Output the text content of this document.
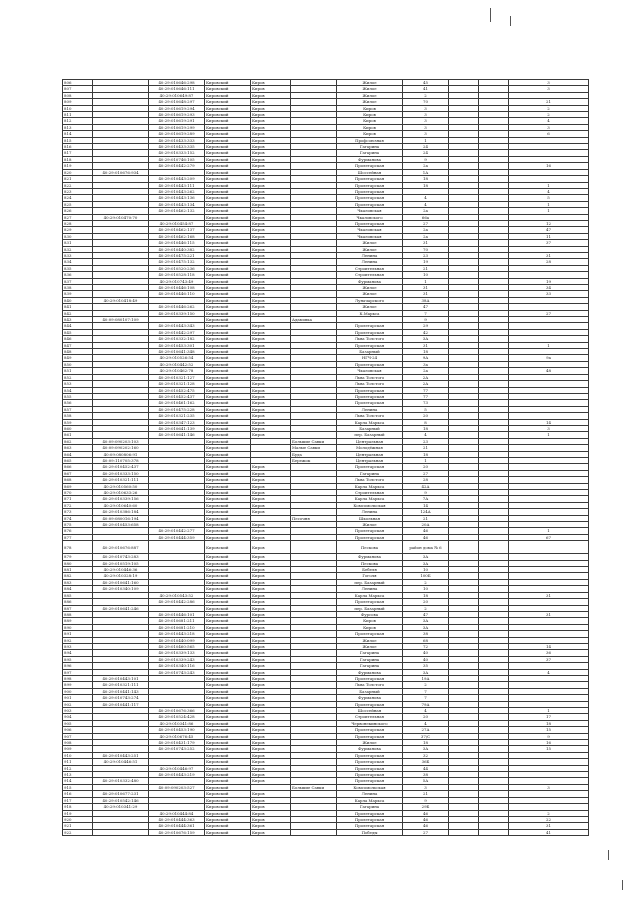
806		40:29:010646:298	Кировский	Киров		Жилое	45			3
807		40:29:010646:111	Кировский	Киров		Жилое	41			3
808		40:29:010649:87	Кировский	Киров		Жилое	2			
809		40:29:010648:297	Кировский	Киров		Жилое	70			21
810		40:29:010619:294	Кировский	Киров		Киров	3			2
811		40:29:010619:293	Кировский	Киров		Киров	3			2
812		40:29:010619:291	Кировский	Киров		Киров	3			4
813		40:29:010619:299	Кировский	Киров		Киров	3			3
814		40:29:010619:289	Кировский	Киров		Киров	3			6
815		40:29:010433:333	Кировский	Киров		Профсоюзная	1			
816		40:29:010433:335	Кировский	Киров		Гагарина	24			
817		40:29:010333:152	Кировский	Киров		Гагарина	24			
818		40:29:010746:105	Кировский	Киров		Фурманова	9			
819		40:29:010442:279	Кировский	Киров		Пролетарская	2а			16
820	40:29:010676:934		Кировский	Киров		Шоссейная	1А			
821		40:29:010443:209	Кировский	Киров		Пролетарская	18			
822		40:29:010443:111	Кировский	Киров		Пролетарская	18			1
823		40:29:010443:262	Кировский	Киров		Пролетарская				4
824		40:29:010443:136	Кировский	Киров		Пролетарская	4			5
825		40:29:010443:134	Кировский	Киров		Пролетарская	4			1
826		40:29:010462:132	Кировский	Киров		Чкаловская	2а			1
827	40:29:010470:70		Кировский	Киров		Чкаловского	66а			
828		40:29:010454:87	Кировский	Киров		Пролетарская	27			12
829		40:29:010462:137	Кировский	Киров		Чкаловская	2а			47
830		40:29:010462:168	Кировский	Киров		Чкаловская	2а			11
831		40:29:010446:115	Кировский	Киров		Жилое	31			37
832		40:29:010440:382	Кировский	Киров		Жилое	70			
833		40:29:010475:221	Кировский	Киров		Ленина	23			31
834		40:29:010475:132	Кировский	Киров		Ленина	19			28
835		40:29:010520:236	Кировский	Киров		Строительная	21			
836		40:29:010528:118	Кировский	Киров		Строительная	10			
837		40:29:010743:49	Кировский	Киров		Фурманова	1			19
838		40:29:010446:108	Кировский	Киров		Жилое	31			34
839		40:29:010446:110	Кировский	Киров		Жилое	31			33
840	40:29:010418:49		Кировский	Киров		Луначарского	38А			
841		40:29:010446:262	Кировский	Киров		Жилое	47			
842		40:29:010339:150	Кировский	Киров		К.Маркса	7			27
843	40:09:080107:109		Кировский		Адамовка		9			
844		40:29:010443:343	Кировский	Киров		Пролетарская	29			
845		40:29:010442:297	Кировский	Киров		Пролетарская	42			
846		40:29:010332:182	Кировский	Киров		Льва Толстого	3А			
847		40:29:010453:301	Кировский	Киров		Пролетарская	31			1
848		40:29:010641:348	Кировский	Киров		Базарный	18			
849		40:29:010526:54	Кировский	Киров		НГЧ-24	9А			9а
850		40:29:010442:52	Кировский	Киров		Пролетарская	3а			
851		40:29:010462:78	Кировский	Киров		Чкаловская	2а			48
852		40:29:010321:127	Кировский	Киров		Льва Толстого	2А			
853		40:29:010321:128	Кировский	Киров		Льва Толстого	2А			
854		40:29:010452:475	Кировский	Киров		Пролетарская	77			
855		40:29:010452:437	Кировский	Киров		Пролетарская	77			
856		40:29:010461:162	Кировский	Киров		Пролетарская	73			
857		40:29:010475:228	Кировский	Киров		Ленина	5			
858		40:29:010321:235	Кировский	Киров		Льва Толстого	20			
859		40:29:010347:123	Кировский	Киров		Карла Маркса	8			14
860		40:29:010641:139	Кировский	Киров		Базарный	18			3
861		40:29:010641:146	Кировский	Киров		пер. Базарный	4			1
862	40:09:090203:103		Кировский		Большие Савки	Центральная	23			
863	40:09:090202:160		Кировский		Малые Савки	Молодёжная	21			
864	40:09:080806:91		Кировский		Буда	Центральная	18			
865	40:09:110705:378		Кировский		Бережок	Центральная	1			
866	40:29:010452:437		Кировский	Киров		Пролетарская	20			
867	40:29:010333:150		Кировский	Киров		Гагарина	27			
868	40:29:010321:111		Кировский	Киров		Льва Толстого	28			
869	40:29:010560:50		Кировский	Киров		Карла Маркса	42А			
870	40:29:010633:26		Кировский	Киров		Строительная	9			
871	40:29:010339:156		Кировский	Киров		Карла Маркса	7А			
872	40:29:010640:60		Кировский	Киров		Комсомольская	14			
873	40:29:010386:184		Кировский	Киров		Ленина	124А			
874	40:09:080016:194		Кировский		Песочня	Школьная	21			
875	40:29:010453:658		Кировский	Киров		Жилое	20А			
876		40:29:010442:277	Кировский	Киров		Пролетарская	46			1
877		40:29:010444:359	Кировский	Киров		Пролетарская	46			67
878	40:29:010676:887		Кировский	Киров		Пескова	район дома № 6			
879	40:29:010743:283		Кировский	Киров		Фурманова	3А			
880	40:29:010519:105		Кировский	Киров		Пескова	3А			
881	40:29:010446:36		Кировский	Киров		Бебеля	10			
882	40:29:010328:19		Кировский	Киров		Гоголя	100Б			
883	40:29:010641:160		Кировский	Киров		пер. Базарный	2			
884	40:29:010340:109		Кировский	Киров		Ленина	10			
885		40:29:010543:52	Кировский	Киров		Карла Маркса	18			31
886		40:29:010442:286	Кировский	Киров		Пролетарская	20			
887	40:29:010641:246		Кировский	Киров		пер. Базарный	2			
888		40:29:010446:101	Кировский	Киров		Фурсова	47			31
889		40:29:010681:211	Кировский	Киров		Киров	3А			
890		40:29:010681:210	Кировский	Киров		Киров	3А			
891		40:29:010443:218	Кировский	Киров		Пролетарская	38			
892		40:29:010440:099	Кировский	Киров		Жилое	68			
893		40:29:010460:565	Кировский	Киров		Жилое	72			14
894		40:29:010339:133	Кировский	Киров		Гагарина	40			36
895		40:29:010339:243	Кировский	Киров		Гагарина	40			37
896		40:29:010340:116	Кировский	Киров		Гагарина	35			
897		40:29:010743:243	Кировский	Киров		Фурманова	3А			4
898	40:29:010443:101		Кировский	Киров		Пролетарская	19А			
899	40:29:010321:111		Кировский	Киров		Льва Толстого	2			
900	40:29:010441:143		Кировский	Киров		Базарный	7			
901	40:29:010743:274		Кировский	Киров		Фурманова	7			
902	40:29:010441:117		Кировский	Киров		Пролетарская	79А			
903		40:29:010676:366	Кировский	Киров		Шоссейная	4			1
904		40:29:010524:428	Кировский	Киров		Строительная	20			17
905		40:29:010341:86	Кировский	Киров		Червонекинского	4			18
906		40:29:010453:190	Кировский	Киров		Пролетарская	27А			15
907		40:29:010676:45	Кировский	Киров		Пролетарская	37/С			9
908		40:29:010431:179	Кировский	Киров		Жилое	18			16
909		40:29:010743:252	Кировский	Киров		Фурманова	3А			15
910	40:29:010443:251		Кировский	Киров		Пролетарская	32			
911	40:29:010446:51		Кировский	Киров		Пролетарская	36Б			
912		40:29:010446:97	Кировский	Киров		Пролетарская	44			
913		40:29:010443:219	Кировский	Киров		Пролетарская	38			
914	40:29:010332:480		Кировский	Киров		Пролетарская	5А			
915		40:09:090203:527	Кировский		Большие Савки	Комсомольская	3			3
916	40:29:010677:231		Кировский	Киров		Ленина	21			
917	40:29:010542:146		Кировский	Киров		Карла Маркса	9			
918	40:29:010341:29		Кировский	Киров		Гагарина	29Б			
919		40:29:010444:84	Кировский	Киров		Пролетарская	46			2
920		40:29:010444:363	Кировский	Киров		Пролетарская	46			22
921		40:29:010444:361	Кировский	Киров		Пролетарская	46			31
922		40:29:010676:159	Кировский	Киров		Победы	27			41
